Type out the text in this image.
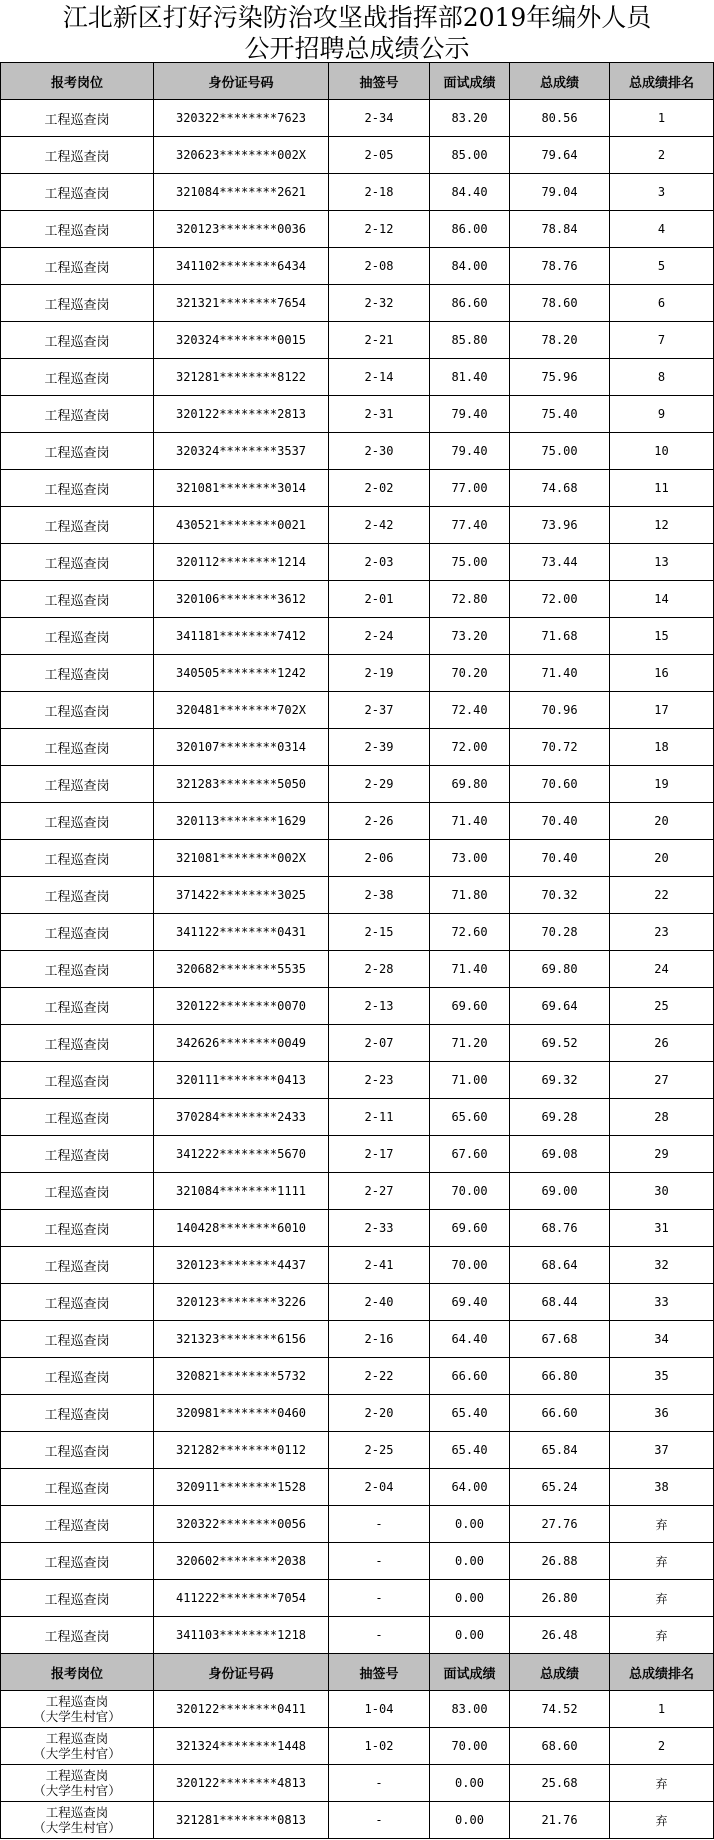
江北新区打好污染防治攻坚战指挥部2019年编外人员
公开招聘总成绩公示
报考岗位	身份证号码	抽签号	面试成绩	总成绩	总成绩排名
工程巡查岗	320322********7623	2-34	83.20	80.56	1
工程巡查岗	320623********002X	2-05	85.00	79.64	2
工程巡查岗	321084********2621	2-18	84.40	79.04	3
工程巡查岗	320123********0036	2-12	86.00	78.84	4
工程巡查岗	341102********6434	2-08	84.00	78.76	5
工程巡查岗	321321********7654	2-32	86.60	78.60	6
工程巡查岗	320324********0015	2-21	85.80	78.20	7
工程巡查岗	321281********8122	2-14	81.40	75.96	8
工程巡查岗	320122********2813	2-31	79.40	75.40	9
工程巡查岗	320324********3537	2-30	79.40	75.00	10
工程巡查岗	321081********3014	2-02	77.00	74.68	11
工程巡查岗	430521********0021	2-42	77.40	73.96	12
工程巡查岗	320112********1214	2-03	75.00	73.44	13
工程巡查岗	320106********3612	2-01	72.80	72.00	14
工程巡查岗	341181********7412	2-24	73.20	71.68	15
工程巡查岗	340505********1242	2-19	70.20	71.40	16
工程巡查岗	320481********702X	2-37	72.40	70.96	17
工程巡查岗	320107********0314	2-39	72.00	70.72	18
工程巡查岗	321283********5050	2-29	69.80	70.60	19
工程巡查岗	320113********1629	2-26	71.40	70.40	20
工程巡查岗	321081********002X	2-06	73.00	70.40	20
工程巡查岗	371422********3025	2-38	71.80	70.32	22
工程巡查岗	341122********0431	2-15	72.60	70.28	23
工程巡查岗	320682********5535	2-28	71.40	69.80	24
工程巡查岗	320122********0070	2-13	69.60	69.64	25
工程巡查岗	342626********0049	2-07	71.20	69.52	26
工程巡查岗	320111********0413	2-23	71.00	69.32	27
工程巡查岗	370284********2433	2-11	65.60	69.28	28
工程巡查岗	341222********5670	2-17	67.60	69.08	29
工程巡查岗	321084********1111	2-27	70.00	69.00	30
工程巡查岗	140428********6010	2-33	69.60	68.76	31
工程巡查岗	320123********4437	2-41	70.00	68.64	32
工程巡查岗	320123********3226	2-40	69.40	68.44	33
工程巡查岗	321323********6156	2-16	64.40	67.68	34
工程巡查岗	320821********5732	2-22	66.60	66.80	35
工程巡查岗	320981********0460	2-20	65.40	66.60	36
工程巡查岗	321282********0112	2-25	65.40	65.84	37
工程巡查岗	320911********1528	2-04	64.00	65.24	38
工程巡查岗	320322********0056	-	0.00	27.76	弃
工程巡查岗	320602********2038	-	0.00	26.88	弃
工程巡查岗	411222********7054	-	0.00	26.80	弃
工程巡查岗	341103********1218	-	0.00	26.48	弃
报考岗位	身份证号码	抽签号	面试成绩	总成绩	总成绩排名

工程巡查岗
（大学生村官）	320122********0411	1-04	83.00	74.52	1

工程巡查岗
（大学生村官）	321324********1448	1-02	70.00	68.60	2

工程巡查岗
（大学生村官）	320122********4813	-	0.00	25.68	弃

工程巡查岗
（大学生村官）	321281********0813	-	0.00	21.76	弃
